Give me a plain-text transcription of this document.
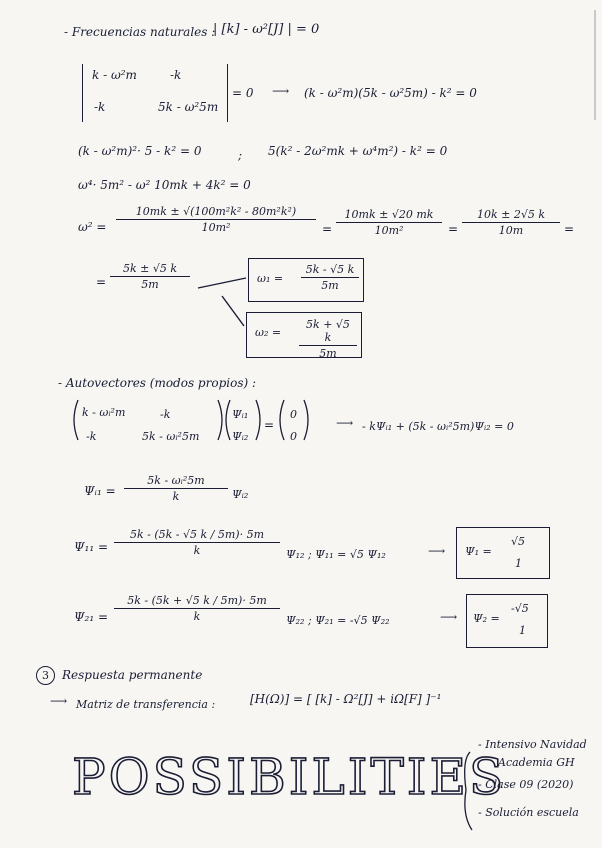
- Frecuencias naturales :
| [k] - ω²[J] | = 0
k - ω²m	-k
-k	5k - ω²5m
= 0 ⟶ (k - ω²m)(5k - ω²5m) - k² = 0
(k - ω²m)²· 5 - k² = 0	; 5(k² - 2ω²mk + ω⁴m²) - k² = 0
ω⁴· 5m² - ω² 10mk + 4k² = 0
$\omega^2 = \frac{\text{10mk ± √(100m²k² - 80m²k²)}}{\text{10m²}} = \frac{10mk \pm √20 mk}{\text{10m²}} = \frac{10k \pm 2√5 k}{10m}$ =
= $\frac{5k \pm √5 k}{5m}$	$\omega_1 = \frac{5k - √5 k}{5m}$
$\omega_2 = \frac{5k + √5 k}{5m}$
- Autovectores (modos propios) :
k - ωᵢ²m	-k
-k	5k - ωᵢ²5m
Ψᵢ₁
Ψᵢ₂
=
0
0
⟶ - kΨᵢ₁ + (5k - ωᵢ²5m)Ψᵢ₂ = 0
Ψᵢ₁ = $\frac{\text{5k - ωᵢ²5m}}{k}$ Ψᵢ₂
$\Psi_{11} = \frac{5k - (5k - √5 k / 5m)\cdot 5m}{k} \Psi_{12}$ ; Ψ₁₁ = √5 Ψ₁₂	⟶ Ψ₁ =
√5
1
$\Psi_{21} = \frac{5k - (5k + √5 k / 5m)\cdot 5m}{k} \Psi_{22}$ ; Ψ₂₁ = -√5 Ψ₂₂	⟶ Ψ₂ =
-√5
1
3	Respuesta permanente
⟶ Matriz de transferencia :	[H(Ω)] = [ [k] - Ω²[J] + iΩ[F] ]⁻¹
POSSIBILITIES
- Intensivo Navidad
Academia GH
- Clase 09 (2020)
- Solución escuela
